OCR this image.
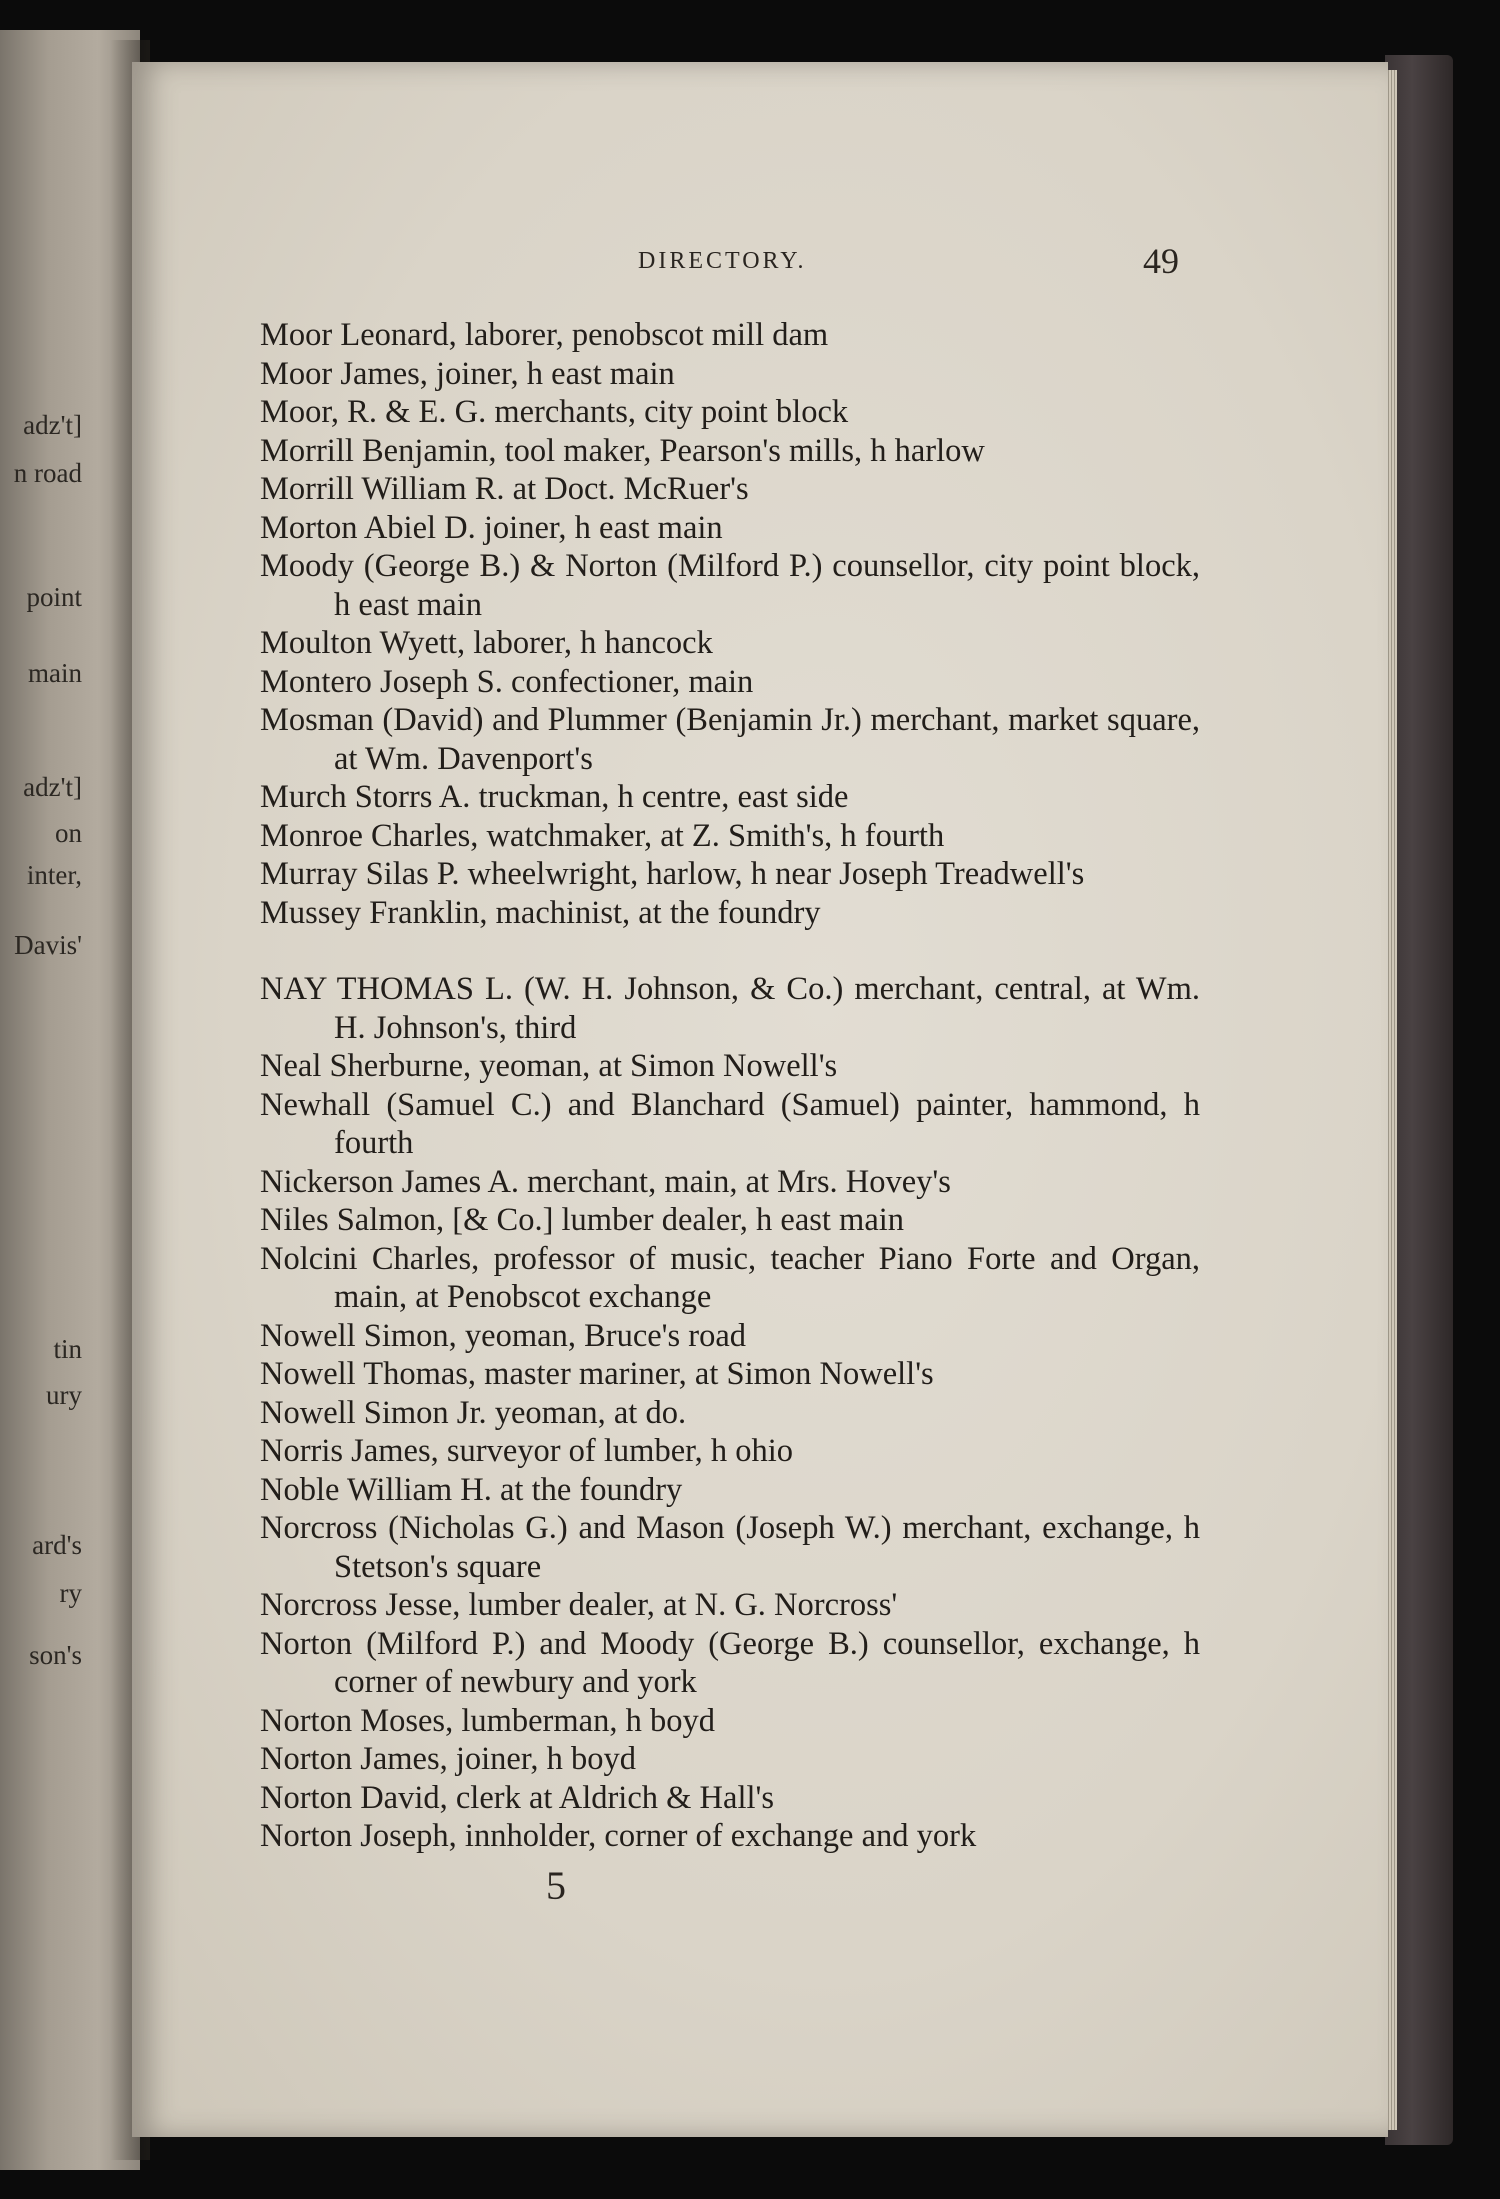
adz't]
n road
point
main
adz't]
on
inter,
Davis'
tin
ury
ard's
ry
son's
DIRECTORY.	49
Moor Leonard, laborer, penobscot mill dam
Moor James, joiner, h east main
Moor, R. & E. G. merchants, city point block
Morrill Benjamin, tool maker, Pearson's mills, h harlow
Morrill William R. at Doct. McRuer's
Morton Abiel D. joiner, h east main
Moody (George B.) & Norton (Milford P.) counsellor, city point block, h east main
Moulton Wyett, laborer, h hancock
Montero Joseph S. confectioner, main
Mosman (David) and Plummer (Benjamin Jr.) merchant, market square, at Wm. Davenport's
Murch Storrs A. truckman, h centre, east side
Monroe Charles, watchmaker, at Z. Smith's, h fourth
Murray Silas P. wheelwright, harlow, h near Joseph Treadwell's
Mussey Franklin, machinist, at the foundry
NAY THOMAS L. (W. H. Johnson, & Co.) merchant, central, at Wm. H. Johnson's, third
Neal Sherburne, yeoman, at Simon Nowell's
Newhall (Samuel C.) and Blanchard (Samuel) painter, hammond, h fourth
Nickerson James A. merchant, main, at Mrs. Hovey's
Niles Salmon, [& Co.] lumber dealer, h east main
Nolcini Charles, professor of music, teacher Piano Forte and Organ, main, at Penobscot exchange
Nowell Simon, yeoman, Bruce's road
Nowell Thomas, master mariner, at Simon Nowell's
Nowell Simon Jr. yeoman, at do.
Norris James, surveyor of lumber, h ohio
Noble William H. at the foundry
Norcross (Nicholas G.) and Mason (Joseph W.) merchant, exchange, h Stetson's square
Norcross Jesse, lumber dealer, at N. G. Norcross'
Norton (Milford P.) and Moody (George B.) counsellor, exchange, h corner of newbury and york
Norton Moses, lumberman, h boyd
Norton James, joiner, h boyd
Norton David, clerk at Aldrich & Hall's
Norton Joseph, innholder, corner of exchange and york
5
